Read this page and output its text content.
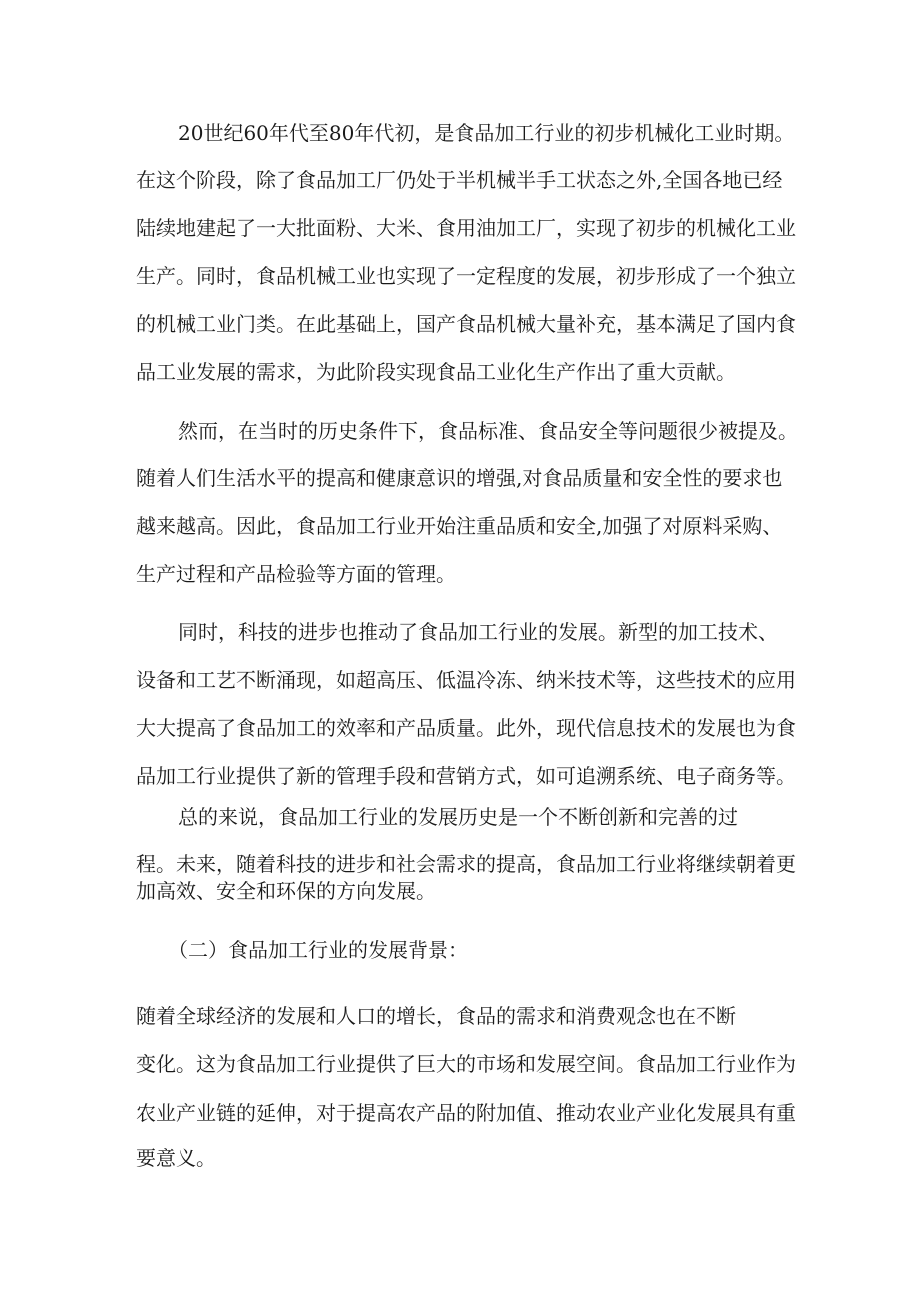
20世纪60年代至80年代初，是食品加工行业的初步机械化工业时期。
在这个阶段，除了食品加工厂仍处于半机械半手工状态之外,全国各地已经
陆续地建起了一大批面粉、大米、食用油加工厂，实现了初步的机械化工业
生产。同时，食品机械工业也实现了一定程度的发展，初步形成了一个独立
的机械工业门类。在此基础上，国产食品机械大量补充，基本满足了国内食
品工业发展的需求，为此阶段实现食品工业化生产作出了重大贡献。
然而，在当时的历史条件下，食品标准、食品安全等问题很少被提及。
随着人们生活水平的提高和健康意识的增强,对食品质量和安全性的要求也
越来越高。因此，食品加工行业开始注重品质和安全,加强了对原料采购、
生产过程和产品检验等方面的管理。
同时，科技的进步也推动了食品加工行业的发展。新型的加工技术、
设备和工艺不断涌现，如超高压、低温冷冻、纳米技术等，这些技术的应用
大大提高了食品加工的效率和产品质量。此外，现代信息技术的发展也为食
品加工行业提供了新的管理手段和营销方式，如可追溯系统、电子商务等。
总的来说，食品加工行业的发展历史是一个不断创新和完善的过
程。未来，随着科技的进步和社会需求的提高，食品加工行业将继续朝着更
加高效、安全和环保的方向发展。
（二）食品加工行业的发展背景：
随着全球经济的发展和人口的增长，食品的需求和消费观念也在不断
变化。这为食品加工行业提供了巨大的市场和发展空间。食品加工行业作为
农业产业链的延伸，对于提高农产品的附加值、推动农业产业化发展具有重
要意义。
